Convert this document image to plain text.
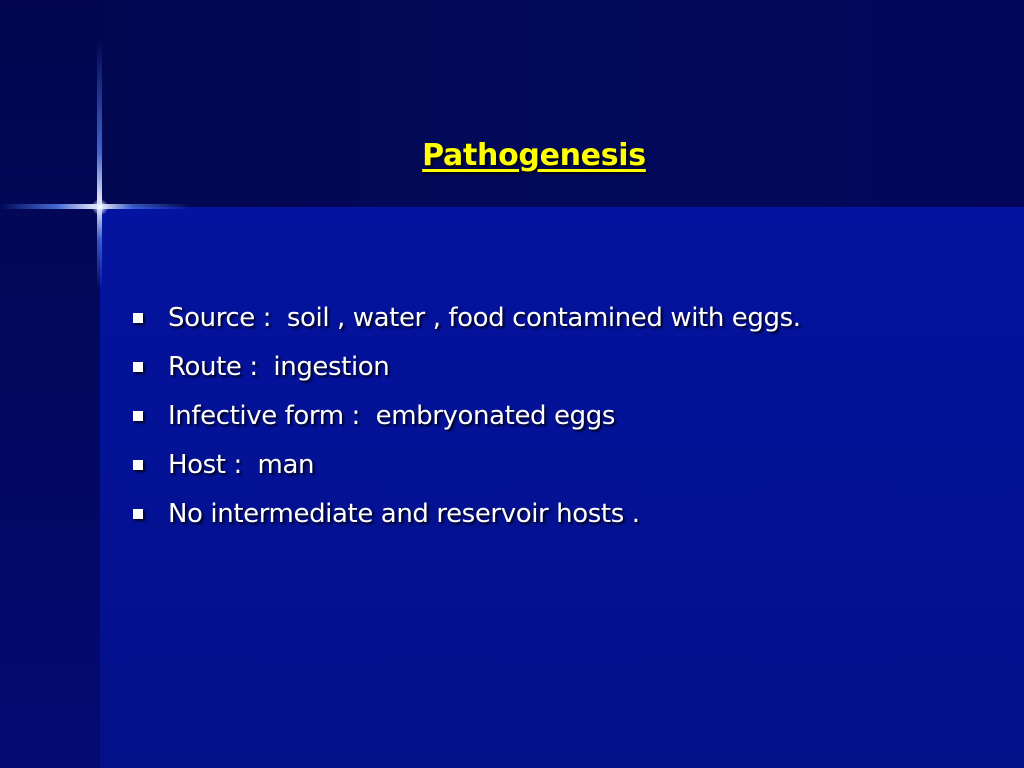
Pathogenesis

Source :  soil , water , food contamined with eggs.

Route :  ingestion

Infective form :  embryonated eggs

Host :  man

No intermediate and reservoir hosts .
